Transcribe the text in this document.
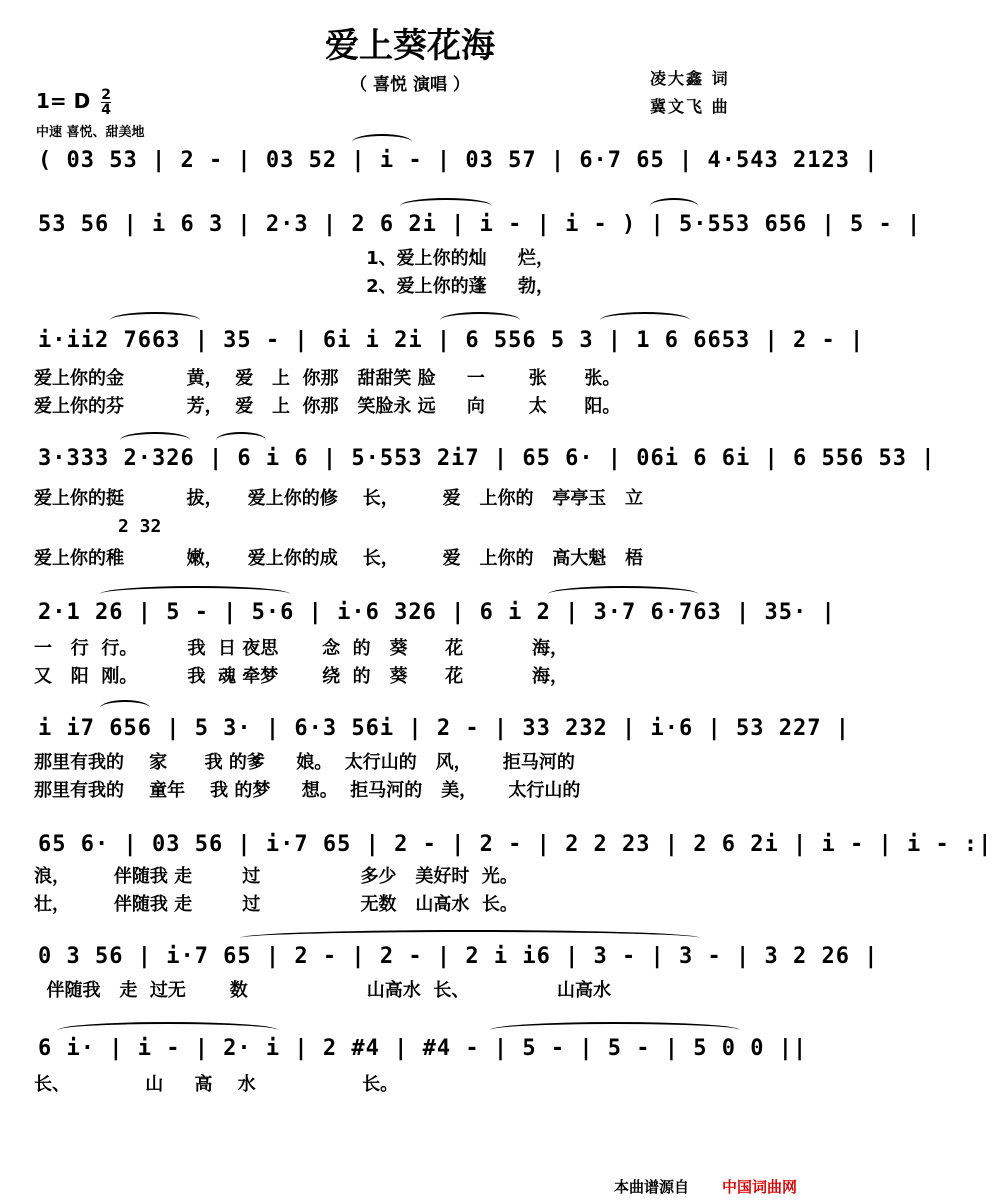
爱上葵花海
（ 喜悦 演唱 ）	凌大鑫 词
冀文飞 曲
1= D $\frac{2}{4}$
中速 喜悦、甜美地
( 03 53 | 2 - | 03 52 | i - | 03 57 | 6·7 65 | 4·543 2123 |
53 56 | i 6 3 | 2·3 | 2 6 2i | i - | i - ) | 5·553 656 | 5 - |
1、爱上你的灿     烂，
2、爱上你的蓬     勃，
i·ii2 7663 | 35 - | 6i i 2i | 6 556 5 3 | 1 6 6653 | 2 - |
爱上你的金          黄，  爱   上  你那   甜甜笑 脸     一       张      张。
爱上你的芬          芳，  爱   上  你那   笑脸永 远     向       太      阳。
3·333 2·326 | 6 i 6 | 5·553 2i7 | 65 6· | 06i 6 6i | 6 556 53 |
爱上你的挺          拔，    爱上你的修    长，       爱   上你的   亭亭玉   立
2 32
爱上你的稚          嫩，    爱上你的成    长，       爱   上你的   高大魁   梧
2·1 26 | 5 - | 5·6 | i·6 326 | 6 i 2 | 3·7 6·763 | 35· |
一   行  行。        我  日 夜思       念  的   葵      花           海，
又   阳  刚。        我  魂 牵梦       绕  的   葵      花           海，
i i7 656 | 5 3· | 6·3 56i | 2 - | 33 232 | i·6 | 53 227 |
那里有我的    家      我 的爹     娘。  太行山的   风，     拒马河的
那里有我的    童年    我 的梦     想。  拒马河的   美，     太行山的
65 6· | 03 56 | i·7 65 | 2 - | 2 - | 2 2 23 | 2 6 2i | i - | i - :|
浪，       伴随我 走        过                多少   美好时  光。
壮，       伴随我 走        过                无数   山高水  长。
0 3 56 | i·7 65 | 2 - | 2 - | 2 i i6 | 3 - | 3 - | 3 2 26 |
伴随我   走  过无       数                   山高水  长、              山高水
6 i· | i - | 2· i | 2 #4 | #4 - | 5 - | 5 - | 5 0 0 ||
长、            山     高    水                 长。
本曲谱源自 中国词曲网
